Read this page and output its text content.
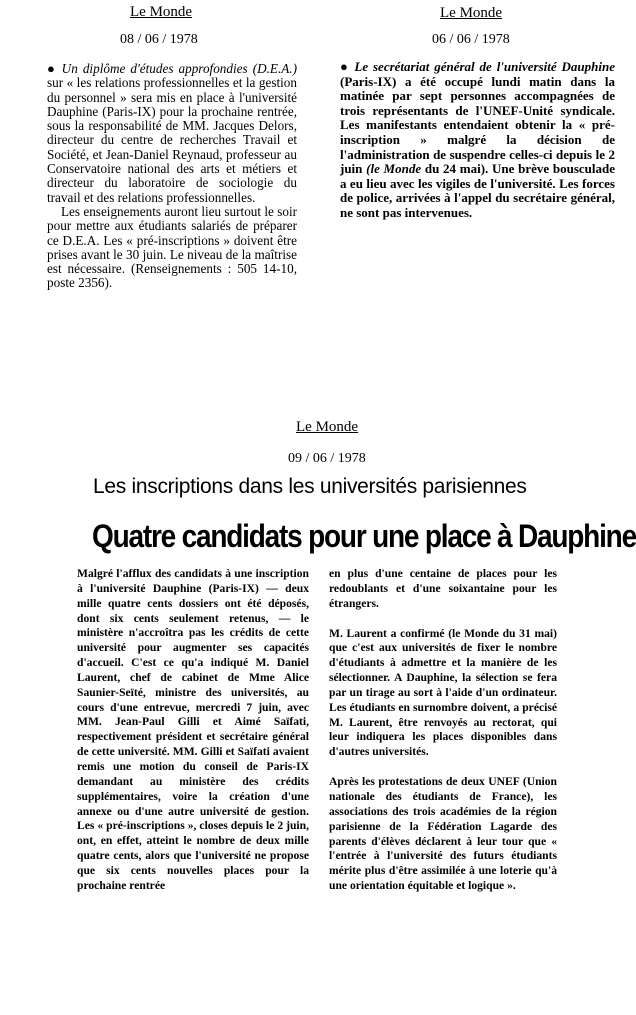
Le Monde
08 / 06 / 1978

● Un diplôme d'études approfondies (D.E.A.) sur « les relations professionnelles et la gestion du personnel » sera mis en place à l'université Dauphine (Paris-IX) pour la prochaine rentrée, sous la responsabilité de MM. Jacques Delors, directeur du centre de recherches Travail et Société, et Jean-Daniel Reynaud, professeur au Conservatoire national des arts et métiers et directeur du laboratoire de sociologie du travail et des relations professionnelles.

Les enseignements auront lieu surtout le soir pour mettre aux étudiants salariés de préparer ce D.E.A. Les « pré-inscriptions » doivent être prises avant le 30 juin. Le niveau de la maîtrise est nécessaire. (Renseignements : 505 14-10, poste 2356).

Le Monde
06 / 06 / 1978

● Le secrétariat général de l'université Dauphine (Paris-IX) a été occupé lundi matin dans la matinée par sept personnes accompagnées de trois représentants de l'UNEF-Unité syndicale. Les manifestants entendaient obtenir la « pré-inscription » malgré la décision de l'administration de suspendre celles-ci depuis le 2 juin (le Monde du 24 mai). Une brève bousculade a eu lieu avec les vigiles de l'université. Les forces de police, arrivées à l'appel du secrétaire général, ne sont pas intervenues.

Le Monde
09 / 06 / 1978
Les inscriptions dans les universités parisiennes
Quatre candidats pour une place à Dauphine

Malgré l'afflux des candidats à une inscription à l'université Dauphine (Paris-IX) — deux mille quatre cents dossiers ont été déposés, dont six cents seulement retenus, — le ministère n'accroîtra pas les crédits de cette université pour augmenter ses capacités d'accueil. C'est ce qu'a indiqué M. Daniel Laurent, chef de cabinet de Mme Alice Saunier-Seïté, ministre des universités, au cours d'une entrevue, mercredi 7 juin, avec MM. Jean-Paul Gilli et Aimé Saïfati, respectivement président et secrétaire général de cette université. MM. Gilli et Saïfati avaient remis une motion du conseil de Paris-IX demandant au ministère des crédits supplémentaires, voire la création d'une annexe ou d'une autre université de gestion. Les « pré-inscriptions », closes depuis le 2 juin, ont, en effet, atteint le nombre de deux mille quatre cents, alors que l'université ne propose que six cents nouvelles places pour la prochaine rentrée

en plus d'une centaine de places pour les redoublants et d'une soixantaine pour les étrangers.

M. Laurent a confirmé (le Monde du 31 mai) que c'est aux universités de fixer le nombre d'étudiants à admettre et la manière de les sélectionner. A Dauphine, la sélection se fera par un tirage au sort à l'aide d'un ordinateur. Les étudiants en surnombre doivent, a précisé M. Laurent, être renvoyés au rectorat, qui leur indiquera les places disponibles dans d'autres universités.

Après les protestations de deux UNEF (Union nationale des étudiants de France), les associations des trois académies de la région parisienne de la Fédération Lagarde des parents d'élèves déclarent à leur tour que « l'entrée à l'université des futurs étudiants mérite plus d'être assimilée à une loterie qu'à une orientation équitable et logique ».
